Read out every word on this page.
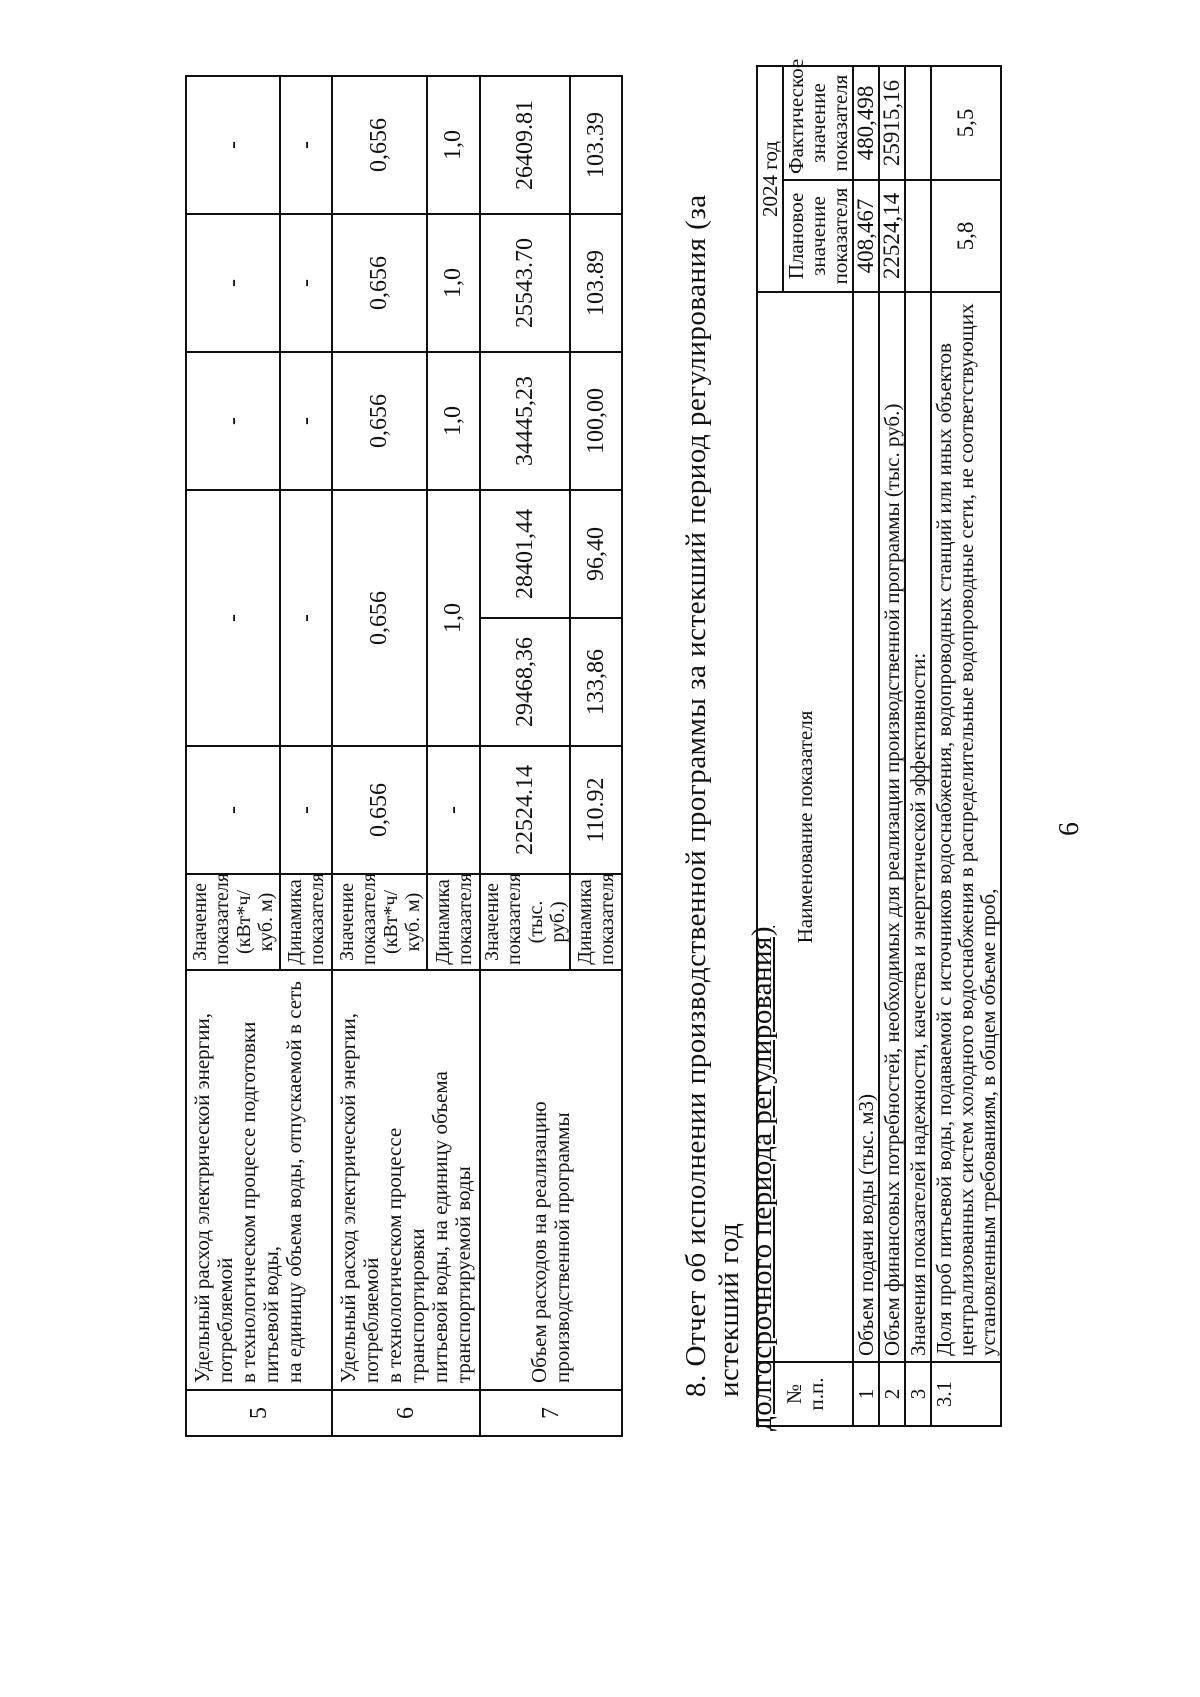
6
5	Удельный расход электрической энергии, потребляемой в технологическом процессе подготовки питьевой воды, на единицу объема воды, отпускаемой в сеть	Значение показателя (кВт*ч/куб. м)	-	-		-	-	-
		Динамика показателя	-	-		-	-	-
6	Удельный расход электрической энергии, потребляемой в технологическом процессе транспортировки питьевой воды, на единицу объема транспортируемой воды	Значение показателя (кВт*ч/куб. м)	0,656	0,656		0,656	0,656	0,656
		Динамика показателя	-	1,0		1,0	1,0	1,0
7	Объем расходов на реализацию производственной программы	Значение показателя (тыс. руб.)	22524.14	29468,36	28401,44	34445,23	25543.70	26409.81
		Динамика показателя	110.92	133,86	96,40	100,00	103.89	103.39
8. Отчет об исполнении производственной программы за истекший период регулирования (за истекший год долгосрочного периода регулирования) № п.п.	Наименование показателя	2024 год	
		Плановое значение показателя	Фактическое значение показателя
1	Объем подачи воды (тыс. м3)	408,467	480,498
2	Объем финансовых потребностей, необходимых для реализации производственной программы (тыс. руб.)	22524,14	25915,16
3	Значения показателей надежности, качества и энергетической эффективности:		
3.1	Доля проб питьевой воды, подаваемой с источников водоснабжения, водопроводных станций или иных объектов централизованных систем холодного водоснабжения в распределительные водопроводные сети, не соответствующих установленным требованиям, в общем объеме проб,	5,8	5,5
